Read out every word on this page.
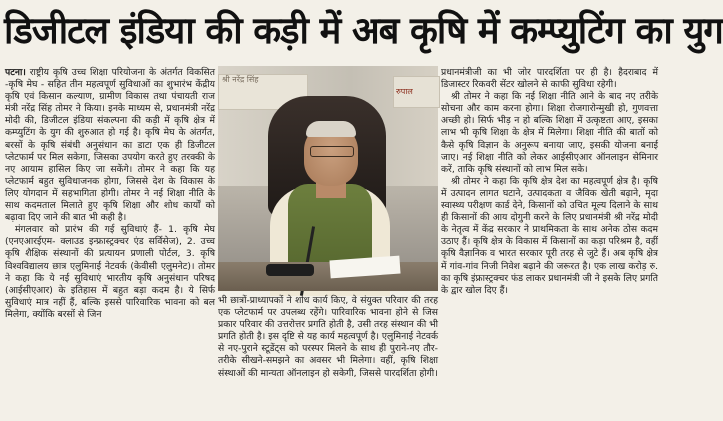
डिजीटल इंडिया की कड़ी में अब कृषि में कम्प्युटिंग का युग

पटना। राष्ट्रीय कृषि उच्च शिक्षा परियोजना के अंतर्गत विकसित -कृषि मेघ - सहित तीन महत्वपूर्ण सुविधाओं का शुभारंभ केंद्रीय कृषि एवं किसान कल्याण, ग्रामीण विकास तथा पंचायती राज मंत्री नरेंद्र सिंह तोमर ने किया। इनके माध्यम से, प्रधानमंत्री नरेंद्र मोदी की, डिजीटल इंडिया संकल्पना की कड़ी में कृषि क्षेत्र में कम्प्युटिंग के युग की शुरुआत हो गई है। कृषि मेघ के अंतर्गत, बरसों के कृषि संबंधी अनुसंधान का डाटा एक ही डिजीटल प्लेटफार्म पर मिल सकेगा, जिसका उपयोग करते हुए तरक्की के नए आयाम हासिल किए जा सकेंगे। तोमर ने कहा कि यह प्लेटफार्म बहुत सुविधाजनक होगा, जिससे देश के विकास के लिए योगदान में सहभागिता होगी। तोमर ने नई शिक्षा नीति के साथ कदमताल मिलाते हुए कृषि शिक्षा और शोध कार्यों को बढ़ावा दिए जाने की बात भी कही है।

मंगलवार को प्रारंभ की गई सुविधाएं हैं- 1. कृषि मेघ (एनएआरईएम- क्लाउड इन्फ्रास्ट्रक्चर एंड सर्विसेज), 2. उच्च कृषि शैक्षिक संस्थानों की प्रत्यायन प्रणाली पोर्टल, 3. कृषि विश्वविद्यालय छात्र एलुमिनाई नेटवर्क (केवीसी एलुमनेट)। तोमर ने कहा कि ये नई सुविधाएं भारतीय कृषि अनुसंधान परिषद (आईसीएआर) के इतिहास में बहुत बड़ा कदम है। ये सिर्फ सुविधाएं मात्र नहीं हैं, बल्कि इससे पारिवारिक भावना को बल मिलेगा, क्योंकि बरसों से जिन

श्री नरेंद्र सिंह
रुपाल

भी छात्रों-प्राध्यापकों ने शोध कार्य किए, वे संयुक्त परिवार की तरह एक प्लेटफार्म पर उपलब्ध रहेंगे। पारिवारिक भावना होने से जिस प्रकार परिवार की उत्तरोत्तर प्रगति होती है, उसी तरह संस्थान की भी प्रगति होती है। इस दृष्टि से यह कार्य महत्वपूर्ण है। एलुमिनाई नेटवर्क से नए-पुराने स्टूडेंट्स को परस्पर मिलने के साथ ही पुराने-नए तौर-तरीके सीखने-समझने का अवसर भी मिलेगा। वहीं, कृषि शिक्षा संस्थाओं की मान्यता ऑनलाइन हो सकेगी, जिससे पारदर्शिता होगी।

प्रधानमंत्रीजी का भी जोर पारदर्शिता पर ही है। हैदराबाद में डिजास्टर रिकवरी सेंटर खोलने से काफी सुविधा रहेगी।

श्री तोमर ने कहा कि नई शिक्षा नीति आने के बाद नए तरीके सोचना और काम करना होगा। शिक्षा रोजगारोन्मुखी हो, गुणवत्ता अच्छी हो। सिर्फ भीड़ न हो बल्कि शिक्षा में उत्कृष्टता आए, इसका लाभ भी कृषि शिक्षा के क्षेत्र में मिलेगा। शिक्षा नीति की बातों को कैसे कृषि विज्ञान के अनुरूप बनाया जाए, इसकी योजना बनाई जाए। नई शिक्षा नीति को लेकर आईसीएआर ऑनलाइन सेमिनार करें, ताकि कृषि संस्थानों को लाभ मिल सके।

श्री तोमर ने कहा कि कृषि क्षेत्र देश का महत्वपूर्ण क्षेत्र है। कृषि में उत्पादन लागत घटाने, उत्पादकता व जैविक खेती बढ़ाने, मृदा स्वास्थ्य परीक्षण कार्ड देने, किसानों को उचित मूल्य दिलाने के साथ ही किसानों की आय दोगुनी करने के लिए प्रधानमंत्री श्री नरेंद्र मोदी के नेतृत्व में केंद्र सरकार ने प्राथमिकता के साथ अनेक ठोस कदम उठाए हैं। कृषि क्षेत्र के विकास में किसानों का कड़ा परिश्रम है, वहीं कृषि वैज्ञानिक व भारत सरकार पूरी तरह से जुटे हैं। अब कृषि क्षेत्र में गांव-गांव निजी निवेश बढ़ाने की जरूरत है। एक लाख करोड़ रु. का कृषि इंफ्रास्ट्रक्चर फंड लाकर प्रधानमंत्री जी ने इसके लिए प्रगति के द्वार खोल दिए हैं।
